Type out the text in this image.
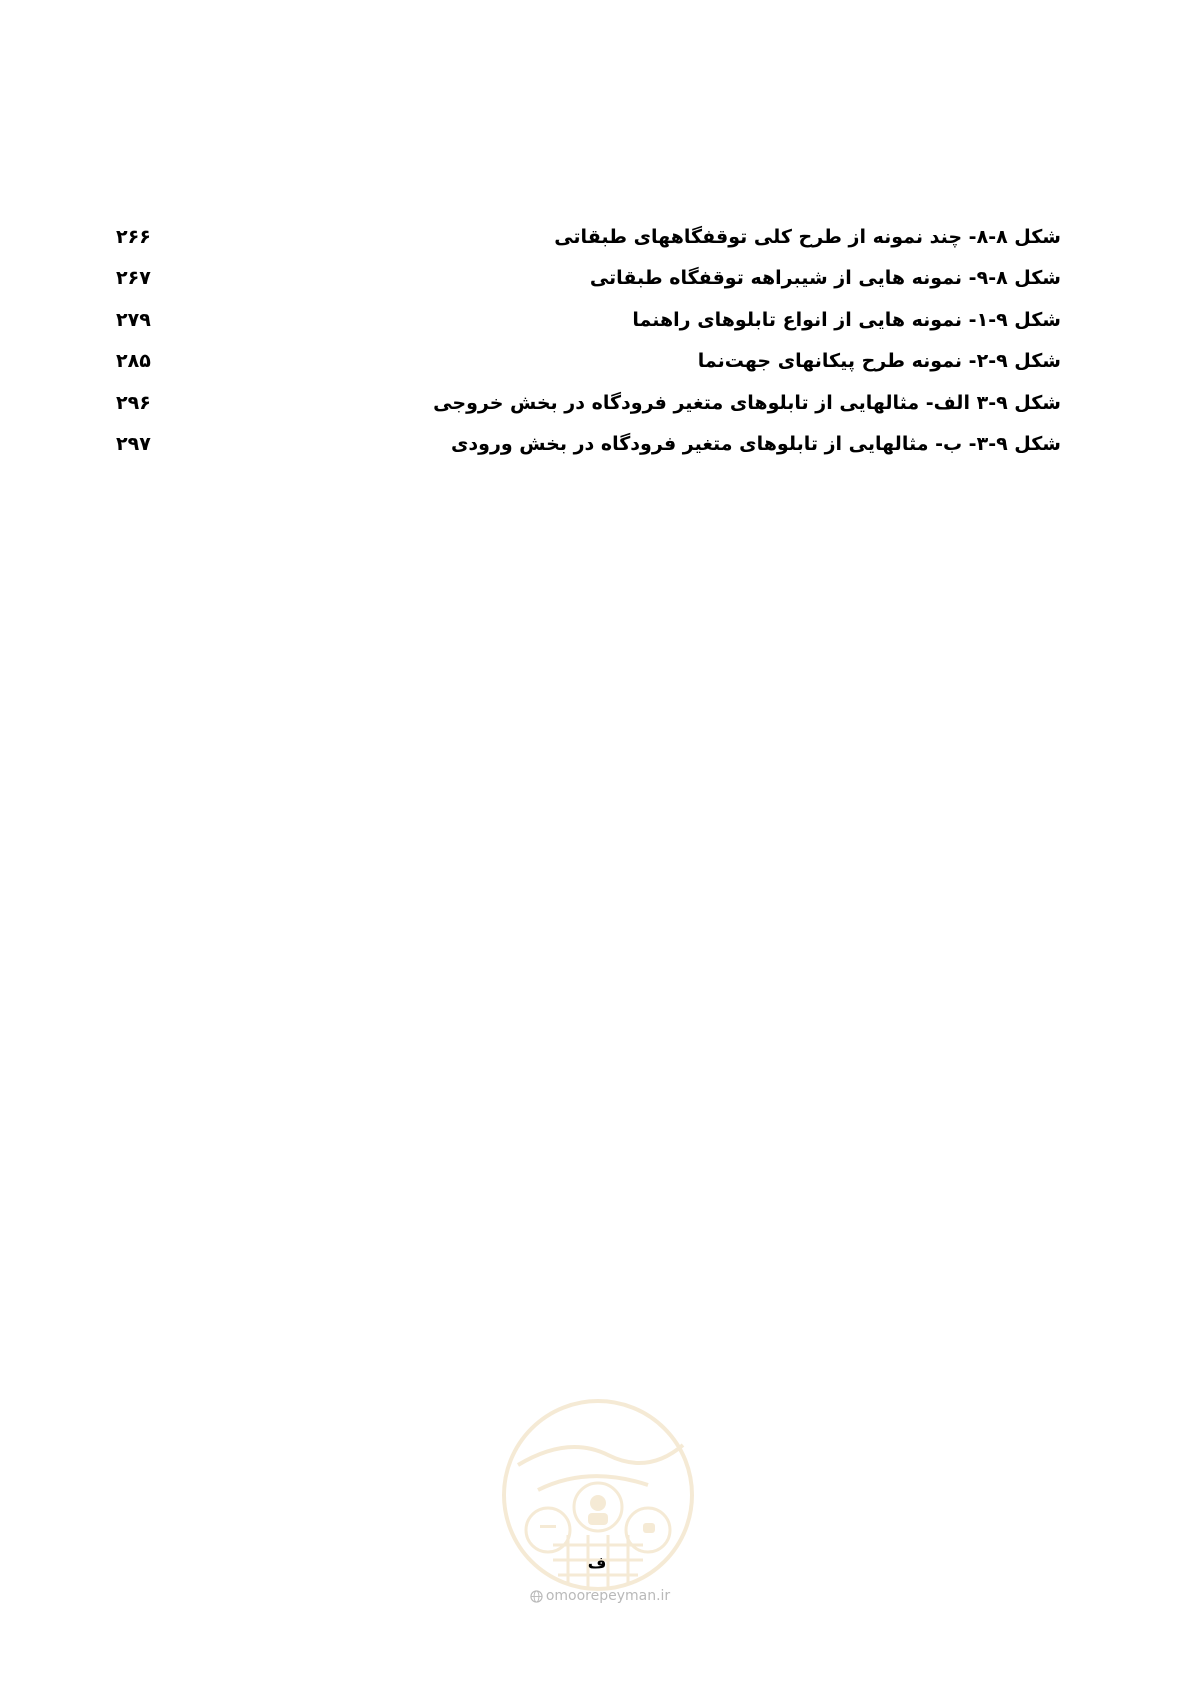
شکل ۸-۸- چند نمونه از طرح کلی توقفگاههای طبقاتی
۲۶۶
شکل ۸-۹- نمونه هایی از شیبراهه توقفگاه طبقاتی
۲۶۷
شکل ۹-۱- نمونه هایی از انواع تابلوهای راهنما
۲۷۹
شکل ۹-۲- نمونه طرح پیکانهای جهت‌نما
۲۸۵
شکل ۹-۳ الف- مثالهایی از تابلوهای متغیر فرودگاه در بخش خروجی
۲۹۶
شکل ۹-۳- ب- مثالهایی از تابلوهای متغیر فرودگاه در بخش ورودی
۲۹۷
ف
omoorepeyman.ir
